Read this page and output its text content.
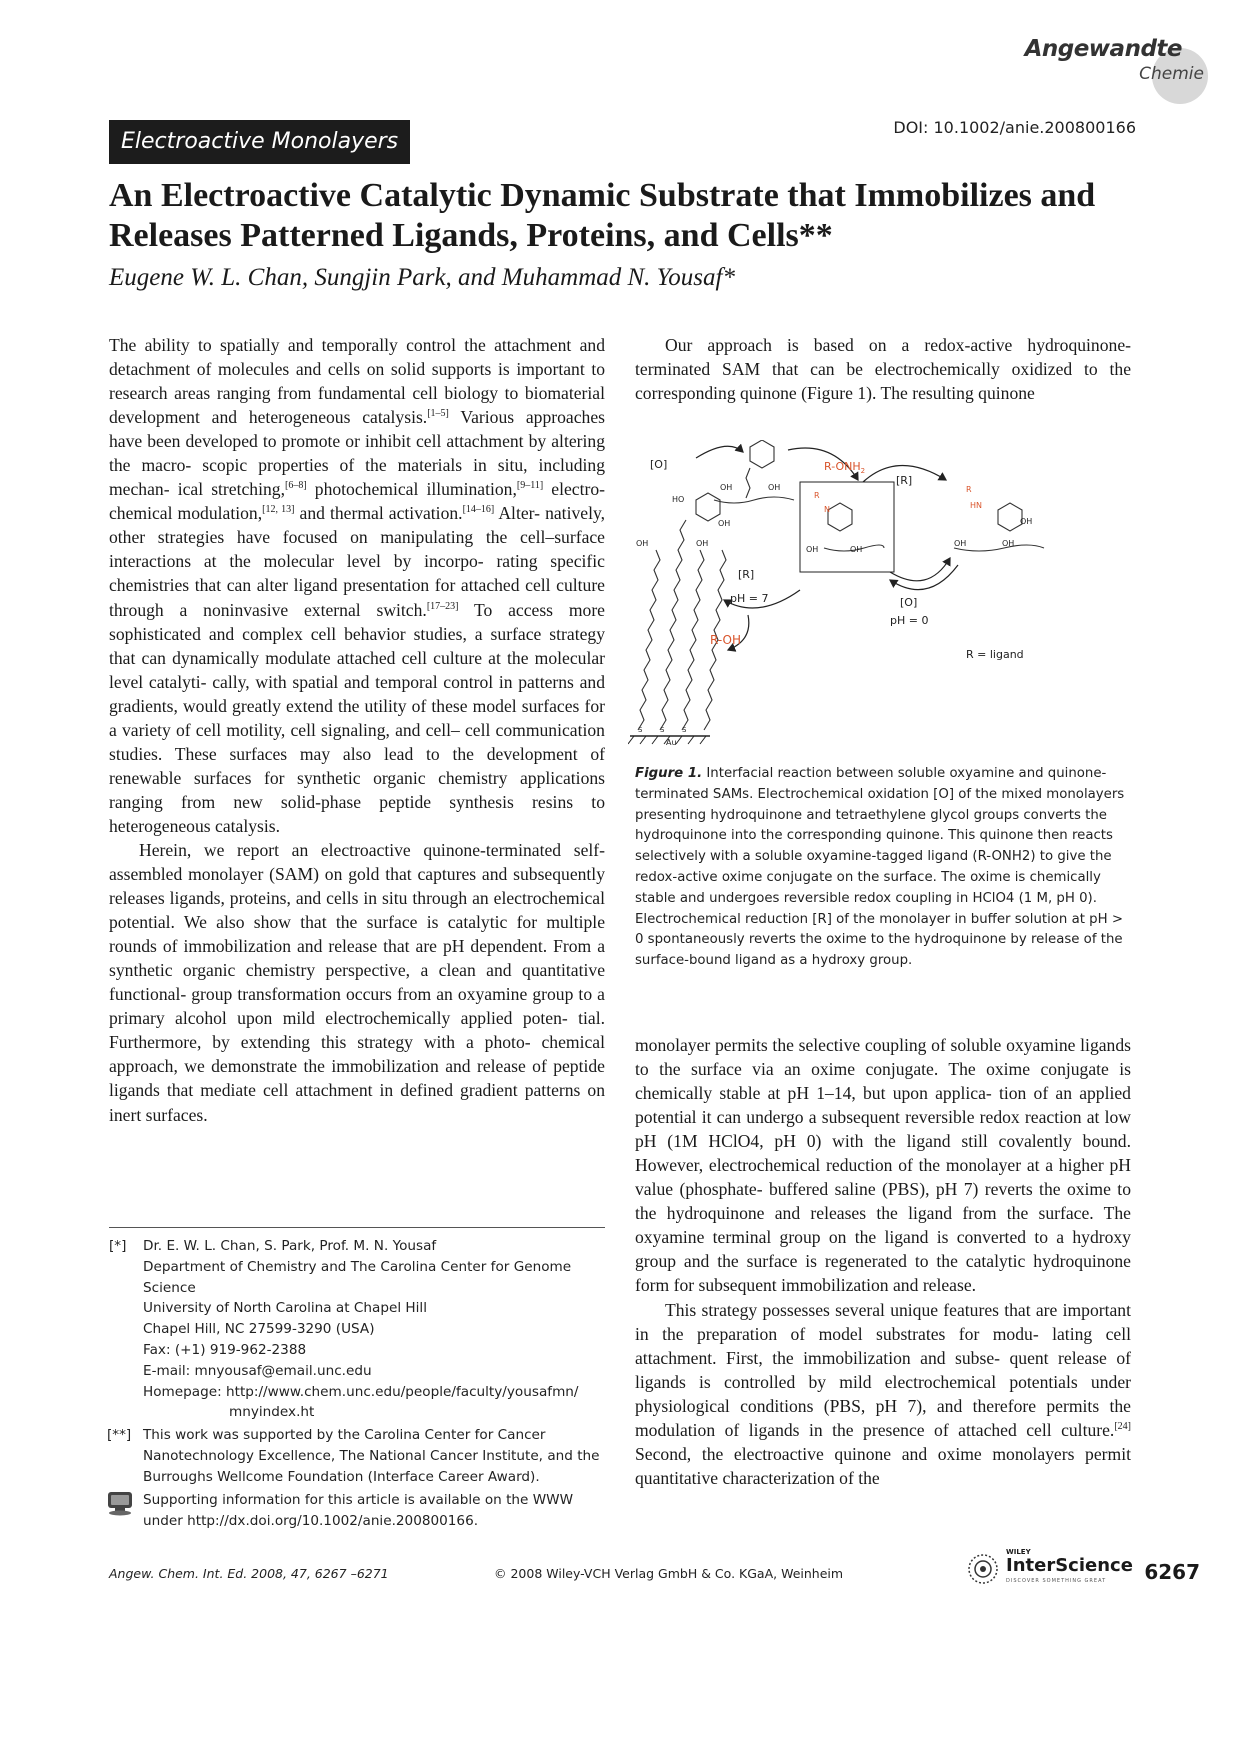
Angewandte
Chemie
Electroactive Monolayers
DOI: 10.1002/anie.200800166
An Electroactive Catalytic Dynamic Substrate that Immobilizes and
Releases Patterned Ligands, Proteins, and Cells**
Eugene W. L. Chan, Sungjin Park, and Muhammad N. Yousaf*

The ability to spatially and temporally control the attachment and detachment of molecules and cells on solid supports is important to research areas ranging from fundamental cell biology to biomaterial development and heterogeneous catalysis.[1–5] Various approaches have been developed to promote or inhibit cell attachment by altering the macro- scopic properties of the materials in situ, including mechan- ical stretching,[6–8] photochemical illumination,[9–11] electro- chemical modulation,[12, 13] and thermal activation.[14–16] Alter- natively, other strategies have focused on manipulating the cell–surface interactions at the molecular level by incorpo- rating specific chemistries that can alter ligand presentation for attached cell culture through a noninvasive external switch.[17–23] To access more sophisticated and complex cell behavior studies, a surface strategy that can dynamically modulate attached cell culture at the molecular level catalyti- cally, with spatial and temporal control in patterns and gradients, would greatly extend the utility of these model surfaces for a variety of cell motility, cell signaling, and cell– cell communication studies. These surfaces may also lead to the development of renewable surfaces for synthetic organic chemistry applications ranging from new solid-phase peptide synthesis resins to heterogeneous catalysis.

Herein, we report an electroactive quinone-terminated self-assembled monolayer (SAM) on gold that captures and subsequently releases ligands, proteins, and cells in situ through an electrochemical potential. We also show that the surface is catalytic for multiple rounds of immobilization and release that are pH dependent. From a synthetic organic chemistry perspective, a clean and quantitative functional- group transformation occurs from an oxyamine group to a primary alcohol upon mild electrochemically applied poten- tial. Furthermore, by extending this strategy with a photo- chemical approach, we demonstrate the immobilization and release of peptide ligands that mediate cell attachment in defined gradient patterns on inert surfaces.

[*] Dr. E. W. L. Chan, S. Park, Prof. M. N. Yousaf
Department of Chemistry and The Carolina Center for Genome
Science
University of North Carolina at Chapel Hill
Chapel Hill, NC 27599-3290 (USA)
Fax: (+1) 919-962-2388
E-mail: mnyousaf@email.unc.edu
Homepage: http://www.chem.unc.edu/people/faculty/yousafmn/
mnyindex.ht
[**] This work was supported by the Carolina Center for Cancer
Nanotechnology Excellence, The National Cancer Institute, and the
Burroughs Wellcome Foundation (Interface Career Award).
Supporting information for this article is available on the WWW
under http://dx.doi.org/10.1002/anie.200800166.

Our approach is based on a redox-active hydroquinone- terminated SAM that can be electrochemically oxidized to the corresponding quinone (Figure 1). The resulting quinone

Au
HO
OH
OH	OH
S	S	S
OH	OH
[O]	$R-ONH_2$
[R]
R
N
OH	OH
R
HN
OH
OH	OH
[R]
pH = 7
R-OH
[O]
pH = 0
R = ligand
Figure 1. Interfacial reaction between soluble oxyamine and quinone-terminated SAMs. Electrochemical oxidation [O] of the mixed monolayers presenting hydroquinone and tetraethylene glycol groups converts the hydroquinone into the corresponding quinone. This quinone then reacts selectively with a soluble oxyamine-tagged ligand (R-ONH2) to give the redox-active oxime conjugate on the surface. The oxime is chemically stable and undergoes reversible redox coupling in HClO4 (1 M, pH 0). Electrochemical reduction [R] of the monolayer in buffer solution at pH > 0 spontaneously reverts the oxime to the hydroquinone by release of the surface-bound ligand as a hydroxy group.

monolayer permits the selective coupling of soluble oxyamine ligands to the surface via an oxime conjugate. The oxime conjugate is chemically stable at pH 1–14, but upon applica- tion of an applied potential it can undergo a subsequent reversible redox reaction at low pH (1M HClO4, pH 0) with the ligand still covalently bound. However, electrochemical reduction of the monolayer at a higher pH value (phosphate- buffered saline (PBS), pH 7) reverts the oxime to the hydroquinone and releases the ligand from the surface. The oxyamine terminal group on the ligand is converted to a hydroxy group and the surface is regenerated to the catalytic hydroquinone form for subsequent immobilization and release.

This strategy possesses several unique features that are important in the preparation of model substrates for modu- lating cell attachment. First, the immobilization and subse- quent release of ligands is controlled by mild electrochemical potentials under physiological conditions (PBS, pH 7), and therefore permits the modulation of ligands in the presence of attached cell culture.[24] Second, the electroactive quinone and oxime monolayers permit quantitative characterization of the

Angew. Chem. Int. Ed. 2008, 47, 6267 –6271	© 2008 Wiley-VCH Verlag GmbH & Co. KGaA, Weinheim
WILEY
InterScience
DISCOVER SOMETHING GREAT 6267
